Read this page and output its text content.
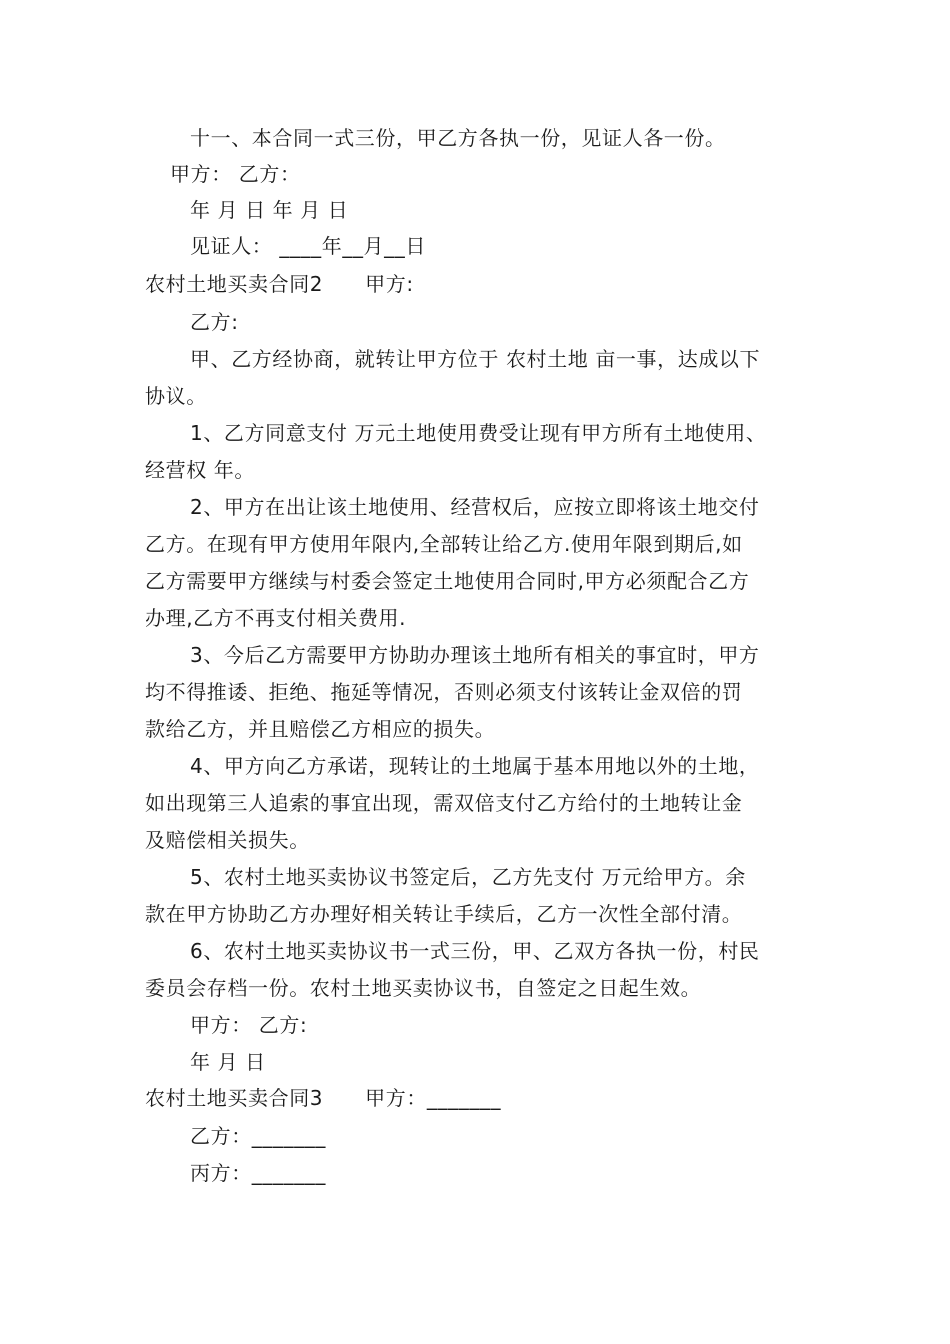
十一、本合同一式三份，甲乙方各执一份，见证人各一份。
甲方： 乙方：
年 月 日 年 月 日
见证人： ____年__月__日
农村土地买卖合同2 甲方:
乙方:
甲、乙方经协商，就转让甲方位于 农村土地 亩一事，达成以下
协议。
1、乙方同意支付 万元土地使用费受让现有甲方所有土地使用、
经营权 年。
2、甲方在出让该土地使用、经营权后，应按立即将该土地交付
乙方。在现有甲方使用年限内,全部转让给乙方.使用年限到期后,如
乙方需要甲方继续与村委会签定土地使用合同时,甲方必须配合乙方
办理,乙方不再支付相关费用.
3、今后乙方需要甲方协助办理该土地所有相关的事宜时，甲方
均不得推诿、拒绝、拖延等情况，否则必须支付该转让金双倍的罚
款给乙方，并且赔偿乙方相应的损失。
4、甲方向乙方承诺，现转让的土地属于基本用地以外的土地，
如出现第三人追索的事宜出现，需双倍支付乙方给付的土地转让金
及赔偿相关损失。
5、农村土地买卖协议书签定后，乙方先支付 万元给甲方。余
款在甲方协助乙方办理好相关转让手续后，乙方一次性全部付清。
6、农村土地买卖协议书一式三份，甲、乙双方各执一份，村民
委员会存档一份。农村土地买卖协议书，自签定之日起生效。
甲方： 乙方:
年 月 日
农村土地买卖合同3 甲方：_______
乙方：_______
丙方：_______
